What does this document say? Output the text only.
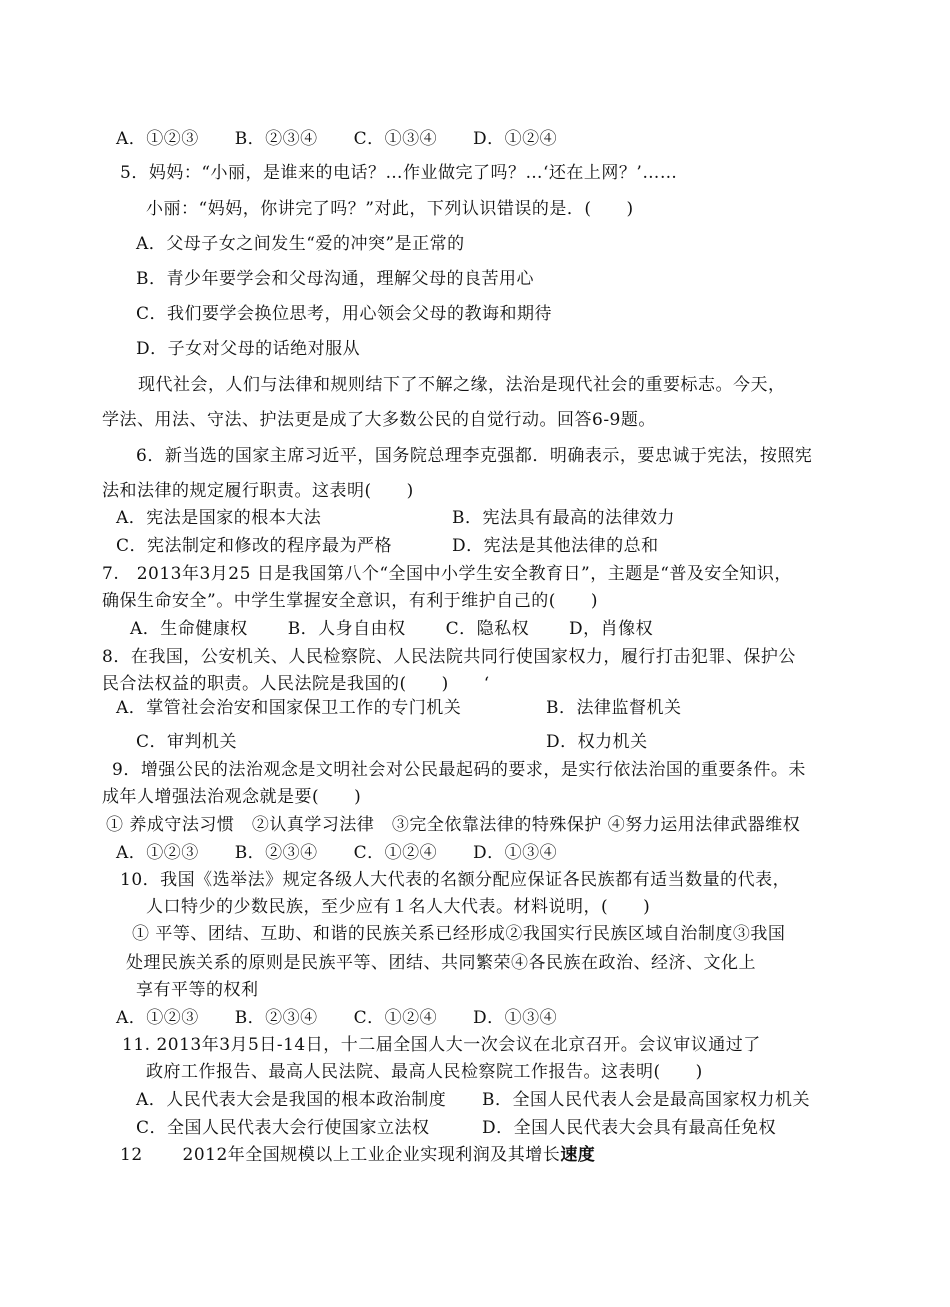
A．①②③ B．②③④ C．①③④ D．①②④
5．妈妈：“小丽，是谁来的电话？…作业做完了吗？…‘还在上网？’……
小丽：“妈妈，你讲完了吗？”对此，下列认识错误的是．(　　)
A．父母子女之间发生“爱的冲突”是正常的
B．青少年要学会和父母沟通，理解父母的良苦用心
C．我们要学会换位思考，用心领会父母的教诲和期待
D．子女对父母的话绝对服从
现代社会，人们与法律和规则结下了不解之缘，法治是现代社会的重要标志。今天，
学法、用法、守法、护法更是成了大多数公民的自觉行动。回答6-9题。
6．新当选的国家主席习近平，国务院总理李克强都．明确表示，要忠诚于宪法，按照宪
法和法律的规定履行职责。这表明(　　)
A．宪法是国家的根本大法	B．宪法具有最高的法律效力
C．宪法制定和修改的程序最为严格	D．宪法是其他法律的总和
7.　2013年3月25 日是我国第八个“全国中小学生安全教育日”，主题是“普及安全知识，
确保生命安全”。中学生掌握安全意识，有利于维护自己的(　　)
A．生命健康权 B．人身自由权 C．隐私权 D，肖像权
8．在我国，公安机关、人民检察院、人民法院共同行使国家权力，履行打击犯罪、保护公
民合法权益的职责。人民法院是我国的(　　)　　‘
A．掌管社会治安和国家保卫工作的专门机关	B．法律监督机关
C．审判机关	D．权力机关
9．增强公民的法治观念是文明社会对公民最起码的要求，是实行依法治国的重要条件。未
成年人增强法治观念就是要(　　)
① 养成守法习惯　②认真学习法律　③完全依靠法律的特殊保护 ④努力运用法律武器维权
A．①②③ B．②③④ C．①②④ D．①③④
10．我国《选举法》规定各级人大代表的名额分配应保证各民族都有适当数量的代表，
人口特少的少数民族，至少应有１名人大代表。材料说明，(　　)
① 平等、团结、互助、和谐的民族关系已经形成②我国实行民族区域自治制度③我国
处理民族关系的原则是民族平等、团结、共同繁荣④各民族在政治、经济、文化上
享有平等的权利
A．①②③ B．②③④ C．①②④ D．①③④
11. 2013年3月5日-14日，十二届全国人大一次会议在北京召开。会议审议通过了
政府工作报告、最高人民法院、最高人民检察院工作报告。这表明(　　)
A．人民代表大会是我国的根本政治制度 B．全国人民代表人会是最高国家权力机关
C．全国人民代表大会行使国家立法权	D．全国人民代表大会具有最高任免权
12 2012年全国规模以上工业企业实现利润及其增长速度
